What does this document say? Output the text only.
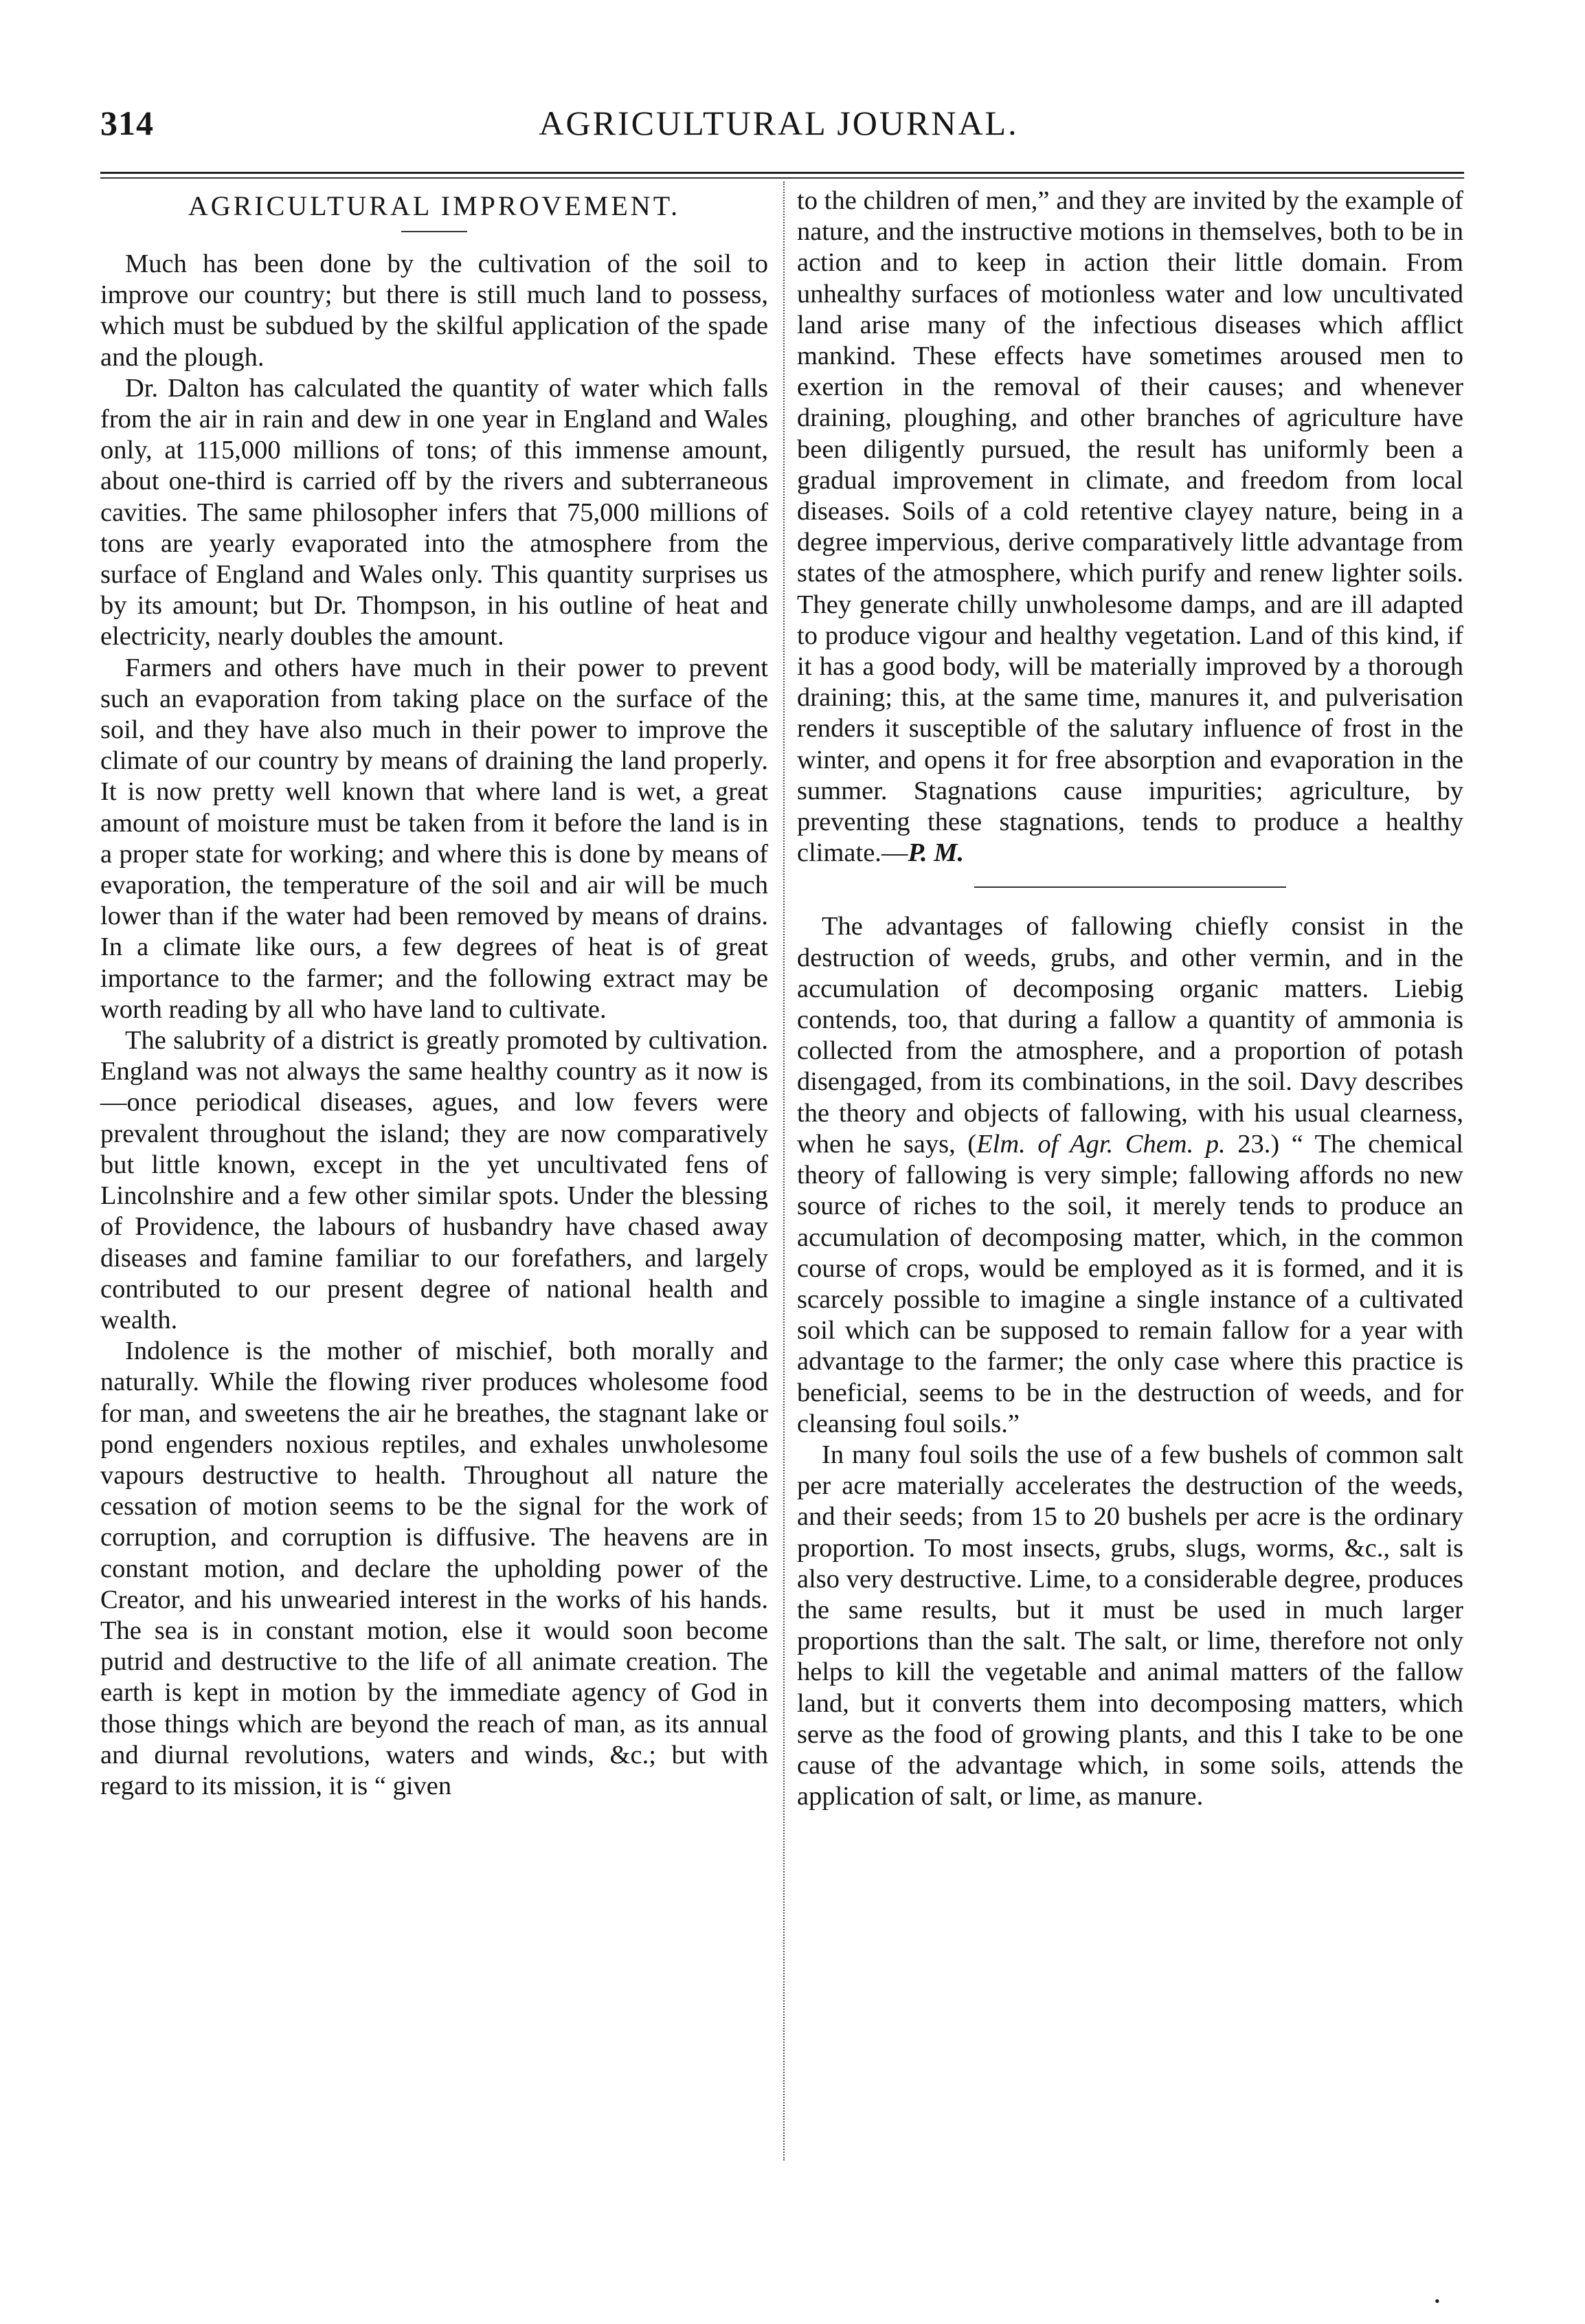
314	AGRICULTURAL JOURNAL.
AGRICULTURAL IMPROVEMENT.

Much has been done by the cultivation of the soil to improve our country; but there is still much land to possess, which must be subdued by the skilful application of the spade and the plough.

Dr. Dalton has calculated the quantity of water which falls from the air in rain and dew in one year in England and Wales only, at 115,000 millions of tons; of this immense amount, about one-third is carried off by the rivers and subterraneous cavities. The same philosopher infers that 75,000 millions of tons are yearly evaporated into the atmosphere from the surface of England and Wales only. This quantity surprises us by its amount; but Dr. Thompson, in his outline of heat and electricity, nearly doubles the amount.

Farmers and others have much in their power to prevent such an evaporation from taking place on the surface of the soil, and they have also much in their power to improve the climate of our country by means of draining the land properly. It is now pretty well known that where land is wet, a great amount of moisture must be taken from it before the land is in a proper state for working; and where this is done by means of evaporation, the temperature of the soil and air will be much lower than if the water had been removed by means of drains. In a climate like ours, a few degrees of heat is of great importance to the farmer; and the following extract may be worth reading by all who have land to cultivate.

The salubrity of a district is greatly promoted by cultivation. England was not always the same healthy country as it now is—once periodical diseases, agues, and low fevers were prevalent throughout the island; they are now comparatively but little known, except in the yet uncultivated fens of Lincolnshire and a few other similar spots. Under the blessing of Providence, the labours of husbandry have chased away diseases and famine familiar to our forefathers, and largely contributed to our present degree of national health and wealth.

Indolence is the mother of mischief, both morally and naturally. While the flowing river produces wholesome food for man, and sweetens the air he breathes, the stagnant lake or pond engenders noxious reptiles, and exhales unwholesome vapours destructive to health. Throughout all nature the cessation of motion seems to be the signal for the work of corruption, and corruption is diffusive. The heavens are in constant motion, and declare the upholding power of the Creator, and his unwearied interest in the works of his hands. The sea is in constant motion, else it would soon become putrid and destructive to the life of all animate creation. The earth is kept in motion by the immediate agency of God in those things which are beyond the reach of man, as its annual and diurnal revolutions, waters and winds, &c.; but with regard to its mission, it is “ given

to the children of men,” and they are invited by the example of nature, and the instructive motions in themselves, both to be in action and to keep in action their little domain. From unhealthy surfaces of motionless water and low uncultivated land arise many of the infectious diseases which afflict mankind. These effects have sometimes aroused men to exertion in the removal of their causes; and whenever draining, ploughing, and other branches of agriculture have been diligently pursued, the result has uniformly been a gradual improvement in climate, and freedom from local diseases. Soils of a cold retentive clayey nature, being in a degree impervious, derive comparatively little advantage from states of the atmosphere, which purify and renew lighter soils. They generate chilly unwholesome damps, and are ill adapted to produce vigour and healthy vegetation. Land of this kind, if it has a good body, will be materially improved by a thorough draining; this, at the same time, manures it, and pulverisation renders it susceptible of the salutary influence of frost in the winter, and opens it for free absorption and evaporation in the summer. Stagnations cause impurities; agriculture, by preventing these stagnations, tends to produce a healthy climate.—P. M.

The advantages of fallowing chiefly consist in the destruction of weeds, grubs, and other vermin, and in the accumulation of decomposing organic matters. Liebig contends, too, that during a fallow a quantity of ammonia is collected from the atmosphere, and a proportion of potash disengaged, from its combinations, in the soil. Davy describes the theory and objects of fallowing, with his usual clearness, when he says, (Elm. of Agr. Chem. p. 23.) “ The chemical theory of fallowing is very simple; fallowing affords no new source of riches to the soil, it merely tends to produce an accumulation of decomposing matter, which, in the common course of crops, would be employed as it is formed, and it is scarcely possible to imagine a single instance of a cultivated soil which can be supposed to remain fallow for a year with advantage to the farmer; the only case where this practice is beneficial, seems to be in the destruction of weeds, and for cleansing foul soils.”

In many foul soils the use of a few bushels of common salt per acre materially accelerates the destruction of the weeds, and their seeds; from 15 to 20 bushels per acre is the ordinary proportion. To most insects, grubs, slugs, worms, &c., salt is also very destructive. Lime, to a considerable degree, produces the same results, but it must be used in much larger proportions than the salt. The salt, or lime, therefore not only helps to kill the vegetable and animal matters of the fallow land, but it converts them into decomposing matters, which serve as the food of growing plants, and this I take to be one cause of the advantage which, in some soils, attends the application of salt, or lime, as manure.

•
